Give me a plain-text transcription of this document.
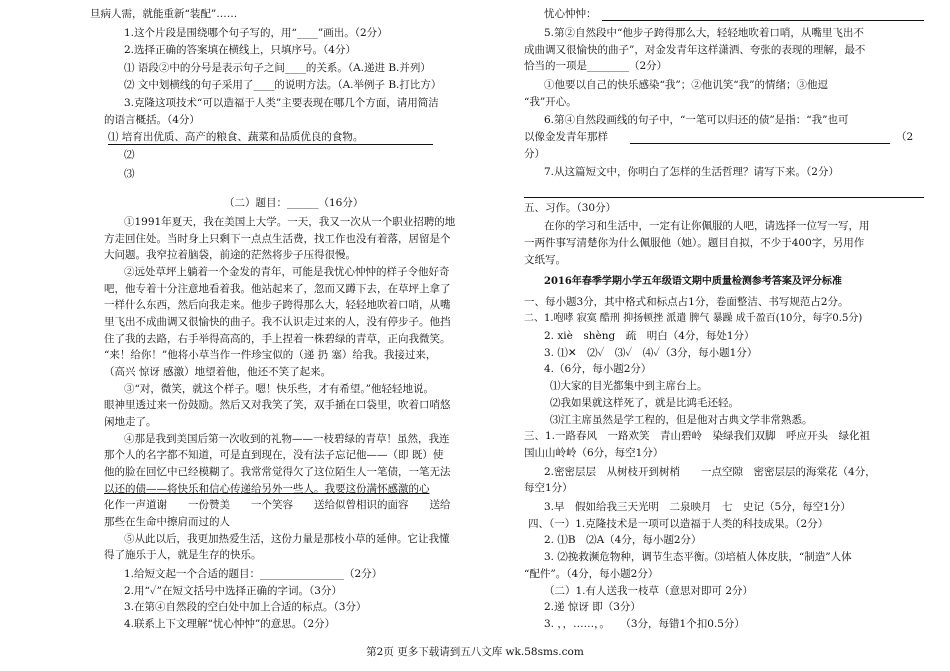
旦病人需，就能重新“装配”……
1.这个片段是围绕哪个句子写的，用“____”画出。（2分）
2.选择正确的答案填在横线上，只填序号。（4分）
⑴ 语段②中的分号是表示句子之间____的关系。（A.递进 B.并列）
⑵ 文中划横线的句子采用了____的说明方法。（A.举例子 B.打比方）
3.克隆这项技术“可以造福于人类”主要表现在哪几个方面，请用简洁
的语言概括。（4分）
⑴ 培育出优质、高产的粮食、蔬菜和品质优良的食物。
⑵
⑶
（二）题目：______（16分）
①1991年夏天，我在美国上大学。一天，我又一次从一个职业招聘的地
方走回住处。当时身上只剩下一点点生活费，找工作也没有着落，居留是个
大问题。我窄拉着脑袋，前途的茫然将步子压得很慢。
②远处草坪上躺着一个金发的青年，可能是我忧心忡忡的样子令他好奇
吧，他专着十分注意地看着我。他站起来了，忽而又蹲下去，在草坪上拿了
一样什么东西，然后向我走来。他步子跨得那么大，轻轻地吹着口哨，从嘴
里飞出不成曲调又很愉快的曲子。我不认识走过来的人，没有停步子。他挡
住了我的去路，右手举得高高的，手上捏着一株碧绿的青草，正向我微笑。
“来！给你！”他将小草当作一件珍宝似的（递 扔 塞）给我。我接过来，
（高兴 惊讶 感激）地望着他，他还不笑了起来。
③“对，微笑，就这个样子。嗯！快乐些，才有希望。”他轻轻地说。
眼神里透过来一份鼓励。然后又对我笑了笑，双手插在口袋里，吹着口哨悠
闲地走了。
④那是我到美国后第一次收到的礼物——一枝碧绿的青草！虽然，我连
那个人的名字都不知道，可是直到现在，没有法子忘记他——（即 既）使
他的脸在回忆中已经模糊了。我常常觉得欠了这位陌生人一笔债，一笔无法
以还的债——将快乐和信心传递给另外一些人。我要这份满怀感激的心
化作一声道谢　　一份赞美　　一个笑容　　送给似曾相识的面容　　送给
那些在生命中擦肩而过的人
⑤从此以后，我更加热爱生活，这份力量是那枝小草的延伸。它让我懂
得了施乐于人，就是生存的快乐。
1.给短文起一个合适的题目：________________（2分）
2.用“✓”在短文括号中选择正确的字词。（3分）
3.在第④自然段的空白处中加上合适的标点。（3分）
4.联系上下文理解“忧心忡忡”的意思。（2分）
忧心忡忡：
5.第②自然段中“他步子跨得那么大，轻轻地吹着口哨，从嘴里飞出不
成曲调又很愉快的曲子”，对金发青年这样潇洒、夸张的表现的理解，最不
恰当的一项是________（2分）
①他要以自己的快乐感染“我”；②他讥笑“我”的情绪；③他逗
“我”开心。
6.第④自然段画线的句子中，“一笔可以归还的债”是指：“我”也可
以像金发青年那样	（2
分）
7.从这篇短文中，你明白了怎样的生活哲理？请写下来。（2分）
五、习作。（30分）
在你的学习和生活中，一定有让你佩服的人吧，请选择一位写一写，用
一两件事写清楚你为什么佩服他（她）。题目自拟，不少于400字，另用作
文纸写。
2016年春季学期小学五年级语文期中质量检测参考答案及评分标准
一、每小题3分，其中格式和标点占1分，卷面整洁、书写规范占2分。
二、1.咆哮 寂寞 酷刑 抑扬顿挫 派遣 脾气 暴躁 成千盈百(10分，每字0.5分)
2. xiè　shèng　疏　明白（4分，每处1分）
3. ⑴✕　⑵✓　⑶✓　⑷✓（3分，每小题1分）
4.（6分，每小题2分）
⑴大家的目光都集中到主席台上。
⑵我如果就这样死了，就是比鸿毛还轻。
⑶江主席虽然是学工程的，但是他对古典文学非常熟悉。
三、1.一路春风　一路欢笑　青山碧岭　染绿我们双脚　呼应开头　绿化祖
国山山岭岭（6分，每空1分）
2.密密层层　从树枝开到树梢　　一点空隙　密密层层的海棠花（4分，
每空1分）
3.早　假如给我三天光明　二泉映月　七　史记（5分，每空1分）
四、（一）1.克隆技术是一项可以造福于人类的科技成果。（2分）
2. ⑴B　⑵A（4分，每小题2分）
3. ⑵挽救濒危物种，调节生态平衡。⑶培植人体皮肤，“制造”人体
“配件”。（4分，每小题2分）
（二）1.有人送我一枝草（意思对即可 2分）
2.递 惊讶 即（3分）
3. ，，……，。　　（3分，每错1个扣0.5分）
第2页 更多下载请到五八文库 wk.58sms.com
